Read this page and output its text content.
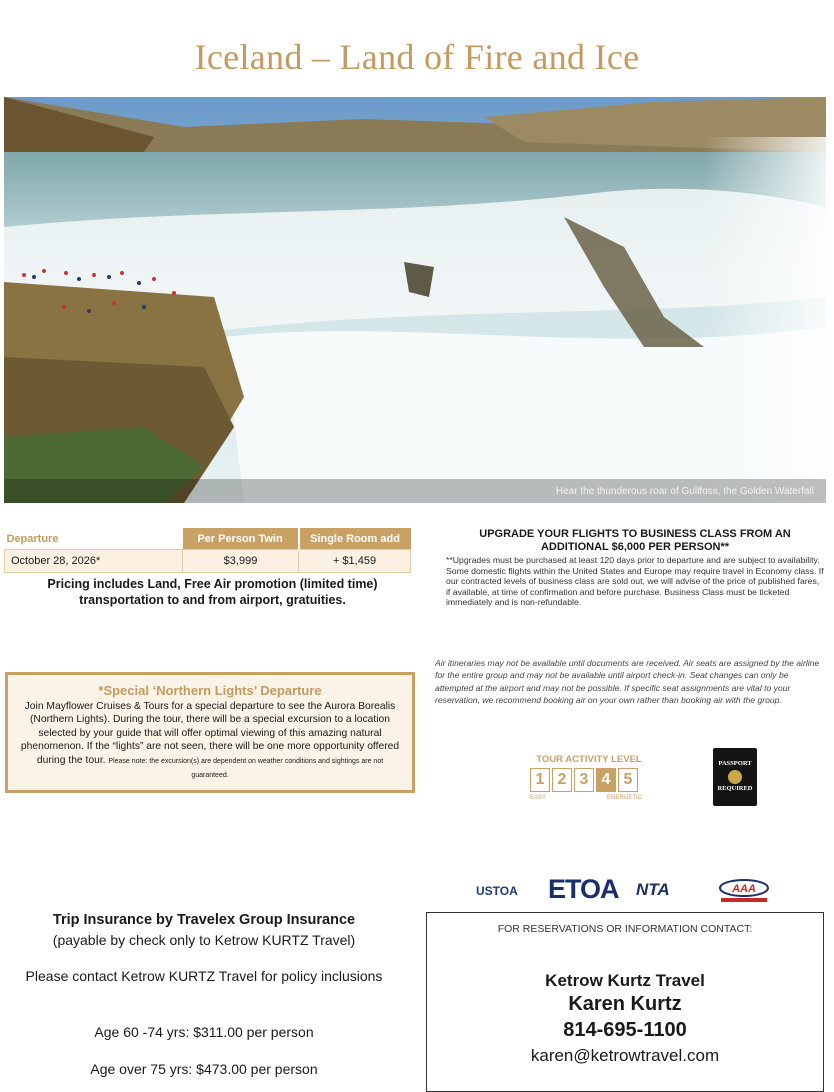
Iceland – Land of Fire and Ice
Hear the thunderous roar of Gullfoss, the Golden Waterfall
Departure	Per Person Twin	Single Room add
October 28, 2026*	$3,999	+ $1,459
Pricing includes Land, Free Air promotion (limited time) transportation to and from airport, gratuities.
UPGRADE YOUR FLIGHTS TO BUSINESS CLASS FROM AN ADDITIONAL $6,000 PER PERSON**
**Upgrades must be purchased at least 120 days prior to departure and are subject to availability. Some domestic flights within the United States and Europe may require travel in Economy class. If our contracted levels of business class are sold out, we will advise of the price of published fares, if available, at time of confirmation and before purchase. Business Class must be ticketed immediately and is non-refundable.
Air itineraries may not be available until documents are received. Air seats are assigned by the airline for the entire group and may not be available until airport check-in. Seat changes can only be attempted at the airport and may not be possible. If specific seat assignments are vital to your reservation, we recommend booking air on your own rather than booking air with the group.
*Special ‘Northern Lights’ Departure
Join Mayflower Cruises & Tours for a special departure to see the Aurora Borealis (Northern Lights). During the tour, there will be a special excursion to a location selected by your guide that will offer optimal viewing of this amazing natural phenomenon. If the “lights” are not seen, there will be one more opportunity offered during the tour. Please note: the excursion(s) are dependent on weather conditions and sightings are not guaranteed.
TOUR ACTIVITY LEVEL
1 2 3 4 5
EASY	ENERGETIC
PASSPORT
REQUIRED
USTOA ETOA NTA	AAA
Trip Insurance by Travelex Group Insurance
(payable by check only to Ketrow KURTZ Travel)
Please contact Ketrow KURTZ Travel for policy inclusions
Age 60 -74 yrs: $311.00 per person
Age over 75 yrs: $473.00 per person
FOR RESERVATIONS OR INFORMATION CONTACT:
Ketrow Kurtz Travel
Karen Kurtz
814-695-1100
karen@ketrowtravel.com
